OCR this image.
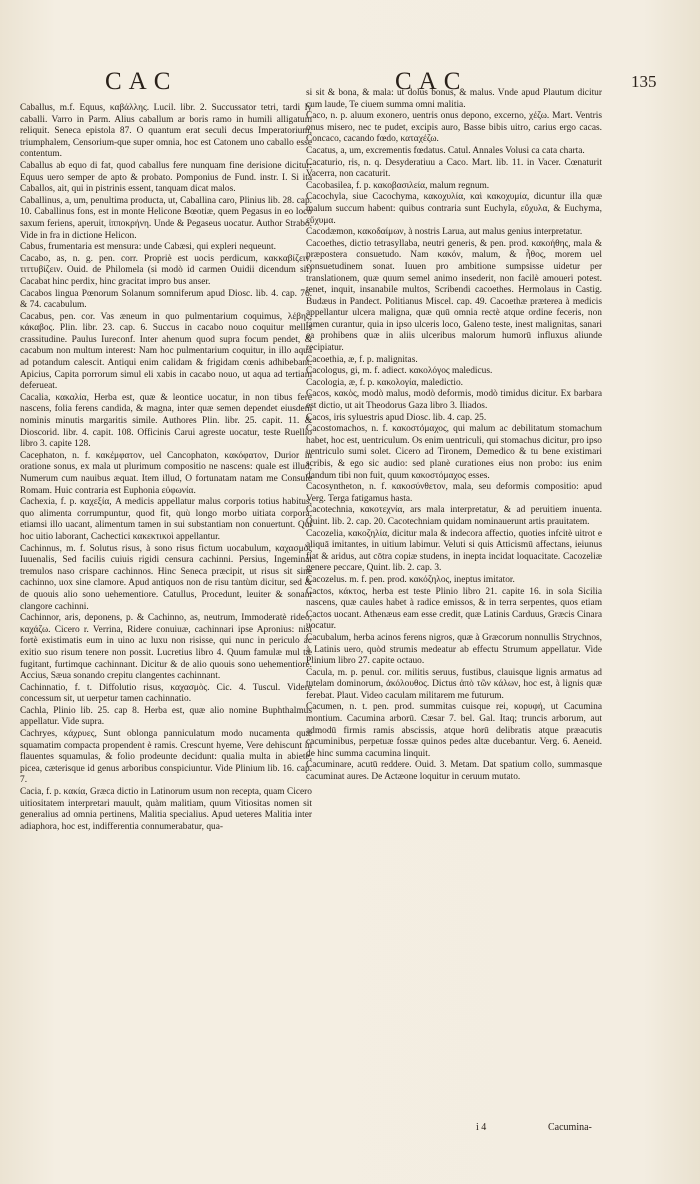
CAC	CAC	135

Caballus, m.f. Equus, καβάλλης. Lucil. libr. 2. Succussator tetri, tardi ly caballi. Varro in Parm. Alius caballum ar boris ramo in humili alligatum reliquit. Seneca epistola 87. O quantum erat seculi decus Imperatorium, triumphalem, Censorium-que super omnia, hoc est Catonem uno caballo esse contentum.

Caballus ab equo di fat, quod caballus fere nunquam fine derisione dicitur: Equus uero semper de apto & probato. Pomponius de Fund. instr. I. Si ita Caballos, ait, qui in pistrinis essent, tanquam dicat malos.

Caballinus, a, um, penultima producta, ut, Caballina caro, Plinius lib. 28. cap. 10. Caballinus fons, est in monte Helicone Bœotiæ, quem Pegasus in eo loco saxum feriens, aperuit, ἱπποκρήνη. Unde & Pegaseus uocatur. Author Strabo. Vide in fra in dictione Helicon.

Cabus, frumentaria est mensura: unde Cabæsi, qui expleri nequeunt.

Cacabo, as, n. g. pen. corr. Propriè est uocis perdicum, κακκαβίζειν, τιττυβίζειν. Ouid. de Philomela (si modò id carmen Ouidii dicendum sit) Cacabat hinc perdix, hinc gracitat impro bus anser.

Cacabos lingua Pœnorum Solanum somniferum apud Diosc. lib. 4. cap. 76. & 74. cacabulum.

Cacabus, pen. cor. Vas æneum in quo pulmentarium coquimus, λέβης, κάκαβος. Plin. libr. 23. cap. 6. Succus in cacabo nouo coquitur mellis crassitudine. Paulus Iureconf. Inter ahenum quod supra focum pendet, & cacabum non multum interest: Nam hoc pulmentarium coquitur, in illo aqua ad potandum calescit. Antiqui enim calidam & frigidam cœnis adhibebant. Apicius, Capita porrorum simul eli xabis in cacabo nouo, ut aqua ad tertiam deferueat.

Cacalia, κακαλία, Herba est, quæ & leontice uocatur, in non tibus ferè nascens, folia ferens candida, & magna, inter quæ semen dependet eiusdem nominis minutis margaritis simile. Authores Plin. libr. 25. capit. 11. & Dioscorid. libr. 4. capit. 108. Officinis Carui agreste uocatur, teste Ruellio libro 3. capite 128.

Cacephaton, n. f. κακέμφατον, uel Cancophaton, κακόφατον, Durior in oratione sonus, ex mala ut plurimum compositio ne nascens: quale est illud, Numerum cum nauibus æquat. Item illud, O fortunatam natam me Consule Romam. Huic contraria est Euphonia εὐφωνία.

Cachexia, f. p. καχεξία, A medicis appellatur malus corporis totius habitus, quo alimenta corrumpuntur, quod fit, quù longo morbo uitiata corpora, etiamsi illo uacant, alimentum tamen in sui substantiam non conuertunt. Qui hoc uitio laborant, Cachectici κακεκτικοὶ appellantur.

Cachinnus, m. f. Solutus risus, à sono risus fictum uocabulum, καχασμὸς Iuuenalis, Sed facilis cuiuis rigidi censura cachinni. Persius, Ingeminat tremulos naso crispare cachinnos. Hinc Seneca præcipit, ut risus sit sine cachinno, uox sine clamore. Apud antiquos non de risu tantùm dicitur, sed & de quouis alio sono uehementiore. Catullus, Procedunt, leuiter & sonant clangore cachinni.

Cachinnor, aris, deponens, p. & Cachinno, as, neutrum, Immoderatè rideo, καχάζω. Cicero r. Verrina, Ridere conuiuæ, cachinnari ipse Apronius: nisi fortè existimatis eum in uino ac luxu non risisse, qui nunc in periculo ac exitio suo risum tenere non possit. Lucretius libro 4. Quum famulæ mul tæ fugitant, furtimque cachinnant. Dicitur & de alio quouis sono uehementiore. Accius, Sæua sonando crepitu clangentes cachinnant.

Cachinnatio, f. t. Diffolutio risus, καχασμὸς. Cic. 4. Tuscul. Videre concessum sit, ut uerpetur tamen cachinnatio.

Cachla, Plinio lib. 25. cap 8. Herba est, quæ alio nomine Buphthalmus appellatur. Vide supra.

Cachryes, κάχρυες, Sunt oblonga panniculatum modo nucamenta quæ squamatim compacta propendent è ramis. Crescunt hyeme, Vere dehiscunt in flauentes squamulas, & folio prodeunte decidunt: qualia multa in abiete, picea, cæterisque id genus arboribus conspiciuntur. Vide Plinium lib. 16. cap. 7.

Cacia, f. p. κακία, Græca dictio in Latinorum usum non recepta, quam Cicero uitiositatem interpretari mauult, quàm malitiam, quum Vitiositas nomen sit generalius ad omnia pertinens, Malitia specialius. Apud ueteres Malitia inter adiaphora, hoc est, indifferentia connumerabatur, qua-

si sit & bona, & mala: ut dolus bonus, & malus. Vnde apud Plautum dicitur cum laude, Te ciuem summa omni malitia.

Caco, n. p. aluum exonero, uentris onus depono, excerno, χέζω. Mart. Ventris onus misero, nec te pudet, excipis auro, Basse bibis uitro, carius ergo cacas. Concaco, cacando fœdo, καταχέζω.

Cacatus, a, um, excrementis fœdatus. Catul. Annales Volusi ca cata charta.

Cacaturio, ris, n. q. Desyderatiuu a Caco. Mart. lib. 11. in Vacer. Cœnaturit Vacerra, non cacaturit.

Cacobasilea, f. p. κακοβασιλεία, malum regnum.

Cacochyla, siue Cacochyma, κακοχυλία, καὶ κακοχυμία, dicuntur illa quæ malum succum habent: quibus contraria sunt Euchyla, εὔχυλα, & Euchyma, εὔχυμα.

Cacodæmon, κακοδαίμων, à nostris Larua, aut malus genius interpretatur.

Cacoethes, dictio tetrasyllaba, neutri generis, & pen. prod. κακοήθης, mala & præpostera consuetudo. Nam κακόν, malum, & ἦθος, morem uel consuetudinem sonat. Iuuen pro ambitione sumpsisse uidetur per translationem, quæ quum semel animo insederit, non facilè amoueri potest. tenet, inquit, insanabile multos, Scribendi cacoethes. Hermolaus in Castig. Budæus in Pandect. Politianus Miscel. cap. 49. Cacoethæ præterea à medicis appellantur ulcera maligna, quæ quū omnia rectè atque ordine feceris, non tamen curantur, quia in ipso ulceris loco, Galeno teste, inest malignitas, sanari ea prohibens quæ in aliis ulceribus malorum humorū influxus aliunde recipiatur.

Cacoethia, æ, f. p. malignitas.

Cacologus, gi, m. f. adiect. κακολόγος maledicus.

Cacologia, æ, f. p. κακολογία, maledictio.

Cacos, κακὸς, modò malus, modò deformis, modò timidus dicitur. Ex barbara est dictio, ut ait Theodorus Gaza libro 3. Iliados.

Cacos, iris syluestris apud Diosc. lib. 4. cap. 25.

Cacostomachos, n. f. κακοστόμαχος, qui malum ac debilitatum stomachum habet, hoc est, uentriculum. Os enim uentriculi, qui stomachus dicitur, pro ipso uentriculo sumi solet. Cicero ad Tironem, Demedico & tu bene existimari scribis, & ego sic audio: sed planè curationes eius non probo: ius enim dandum tibi non fuit, quum κακοστόμαχος esses.

Cacosyntheton, n. f. κακοσύνθετον, mala, seu deformis compositio: apud Verg. Terga fatigamus hasta.

Cacotechnia, κακοτεχνία, ars mala interpretatur, & ad peruitiem inuenta. Quint. lib. 2. cap. 20. Cacotechniam quidam nominauerunt artis prauitatem.

Cacozelia, κακοζηλία, dicitur mala & indecora affectio, quoties infcitè uitrot e aliquā imitantes, in uitium labimur. Veluti si quis Atticismū affectans, ieiunus fiat & aridus, aut cōtra copiæ studens, in inepta incidat loquacitate. Cacozeliæ genere peccare, Quint. lib. 2. cap. 3.

Cacozelus. m. f. pen. prod. κακόζηλος, ineptus imitator.

Cactos, κάκτος, herba est teste Plinio libro 21. capite 16. in sola Sicilia nascens, quæ caules habet à radice emissos, & in terra serpentes, quos etiam Cactos uocant. Athenæus eam esse credit, quæ Latinis Carduus, Græcis Cinara uocatur.

Cacubalum, herba acinos ferens nigros, quæ à Græcorum nonnullis Strychnos, à Latinis uero, quòd strumis medeatur ab effectu Strumum appellatur. Vide Plinium libro 27. capite octauo.

Cacula, m. p. penul. cor. militis seruus, fustibus, clauisque lignis armatus ad tutelam dominorum, ἀκόλουθος. Dictus ἀπὸ τῶν κάλων, hoc est, à lignis quæ ferebat. Plaut. Video caculam militarem me futurum.

Cacumen, n. t. pen. prod. summitas cuisque rei, κορυφή, ut Cacumina montium. Cacumina arborū. Cæsar 7. bel. Gal. Itaq; truncis arborum, aut admodū firmis ramis abscissis, atque horū delibratis atque præacutis cacuminibus, perpetuæ fossæ quinos pedes altæ ducebantur. Verg. 6. Aeneid. de hinc summa cacumina linquit.

Cacuminare, acutū reddere. Ouid. 3. Metam. Dat spatium collo, summasque cacuminat aures. De Actæone loquitur in ceruum mutato.

i 4	Cacumina-
